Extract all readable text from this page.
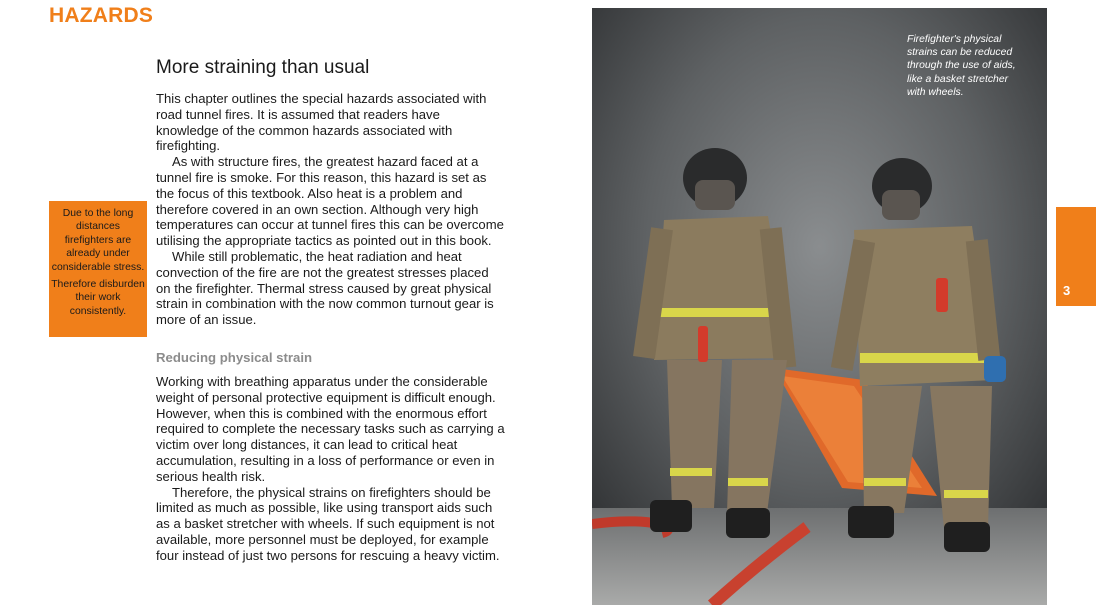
HAZARDS
More straining than usual

This chapter outlines the special hazards associated with road tunnel fires. It is assumed that readers have knowledge of the common hazards associated with firefighting.

As with structure fires, the greatest hazard faced at a tunnel fire is smoke. For this reason, this hazard is set as the focus of this textbook. Also heat is a problem and therefore covered in an own section. Although very high temperatures can occur at tunnel fires this can be overcome utilising the appropriate tactics as pointed out in this book.

While still problematic, the heat radiation and heat convection of the fire are not the greatest stresses placed on the firefighter. Thermal stress caused by great physical strain in combination with the now common turnout gear is more of an issue.

Reducing physical strain

Working with breathing apparatus under the considerable weight of personal protective equipment is difficult enough. However, when this is combined with the enormous effort required to complete the necessary tasks such as carrying a victim over long distances, it can lead to critical heat accumulation, resulting in a loss of performance or even in serious health risk.

Therefore, the physical strains on firefighters should be limited as much as possible, like using transport aids such as a basket stretcher with wheels. If such equipment is not available, more personnel must be deployed, for example four instead of just two persons for rescuing a heavy victim.

Due to the long distances firefighters are already under considerable stress.

Therefore disburden their work consistently.

Firefighter's physical strains can be reduced through the use of aids, like a basket stretcher with wheels.
3
